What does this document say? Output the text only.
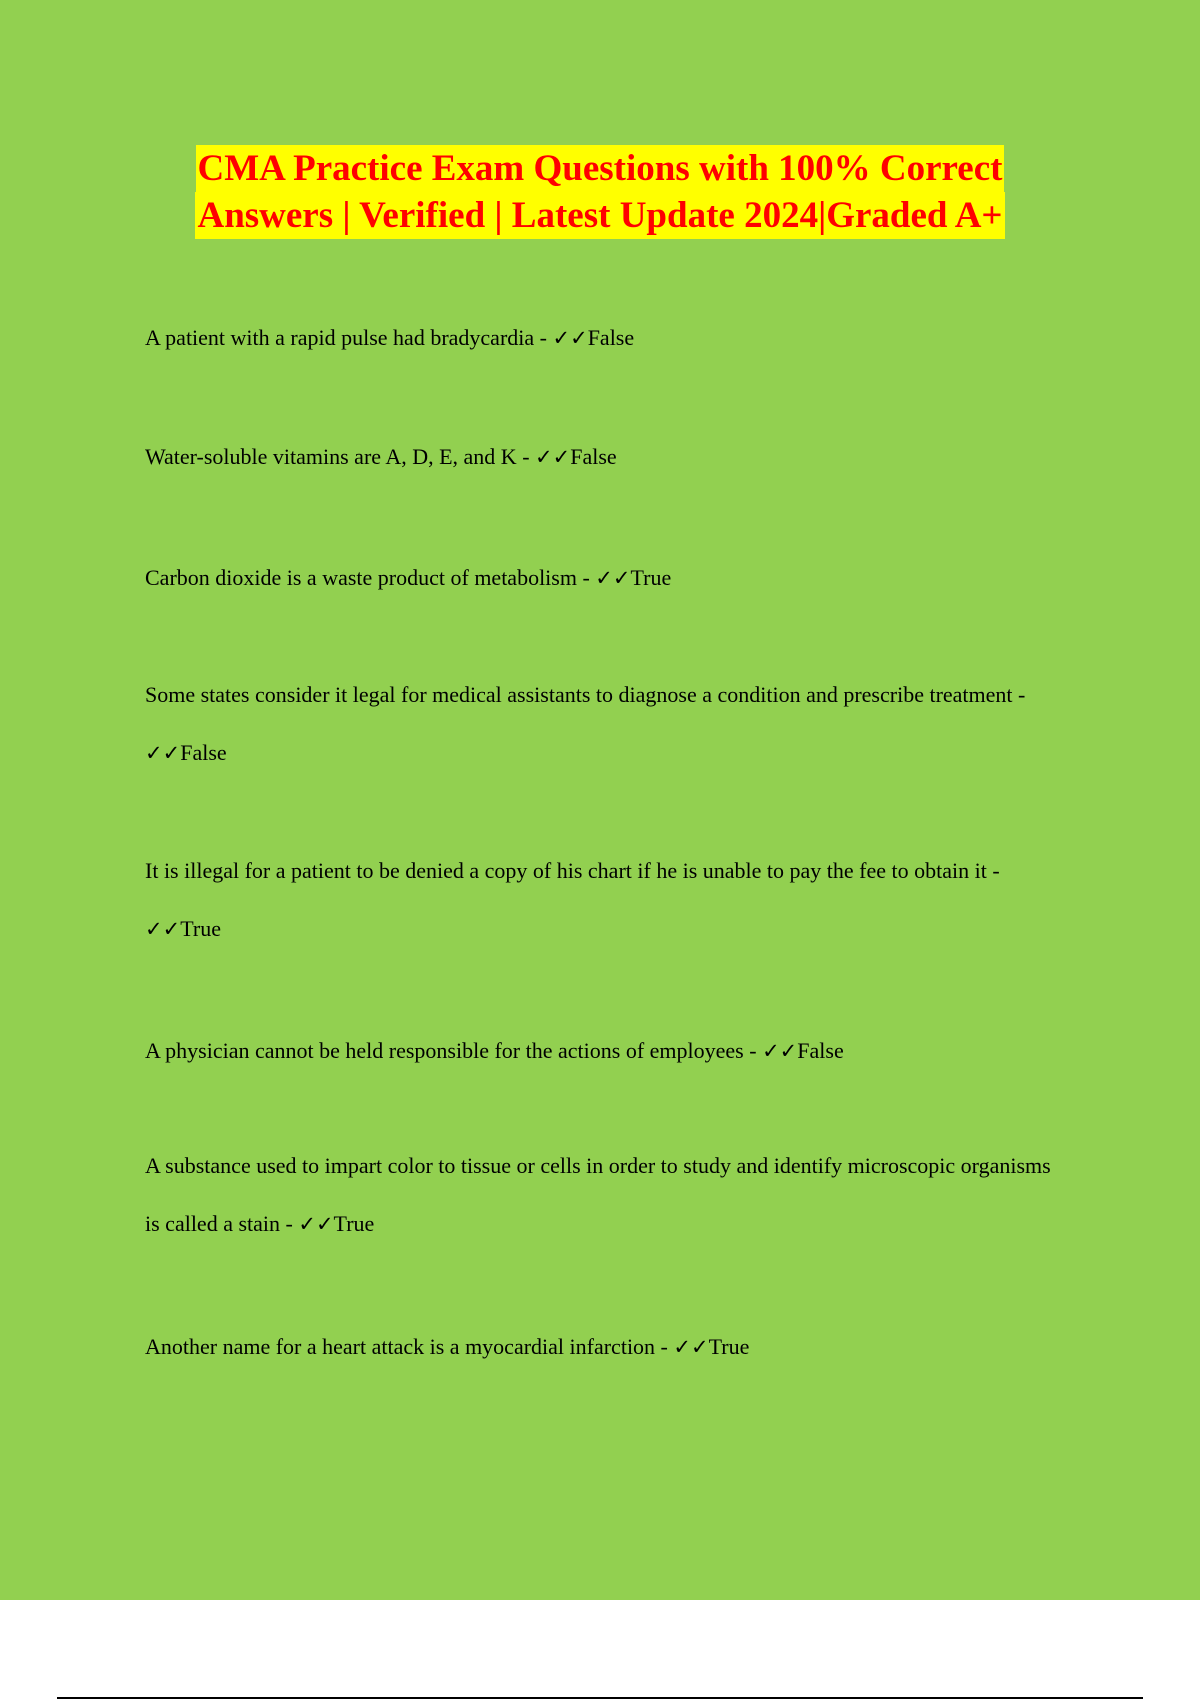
CMA Practice Exam Questions with 100% Correct
Answers | Verified | Latest Update 2024|Graded A+
A patient with a rapid pulse had bradycardia - ✓✓False
Water-soluble vitamins are A, D, E, and K - ✓✓False
Carbon dioxide is a waste product of metabolism - ✓✓True
Some states consider it legal for medical assistants to diagnose a condition and prescribe treatment - ✓✓False
It is illegal for a patient to be denied a copy of his chart if he is unable to pay the fee to obtain it - ✓✓True
A physician cannot be held responsible for the actions of employees - ✓✓False
A substance used to impart color to tissue or cells in order to study and identify microscopic organisms is called a stain - ✓✓True
Another name for a heart attack is a myocardial infarction - ✓✓True
